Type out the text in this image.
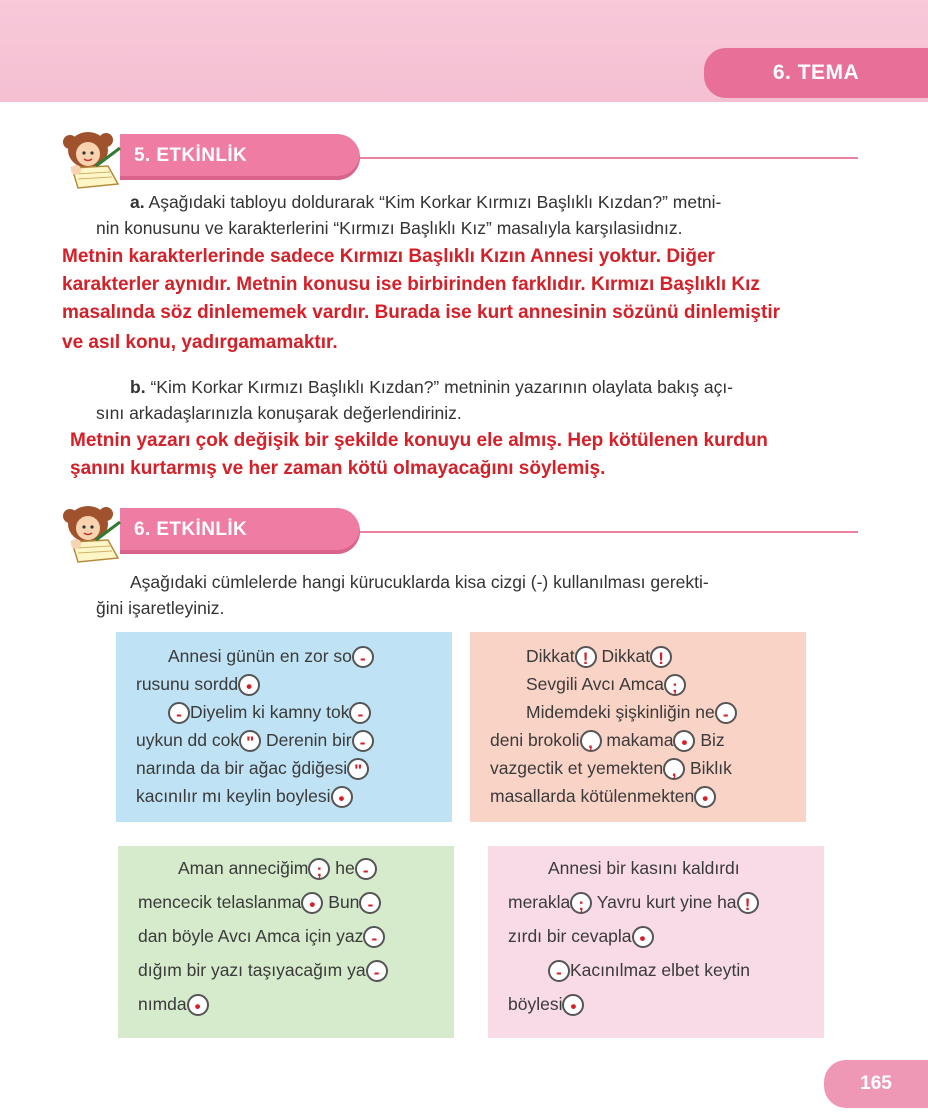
6. TEMA
5. ETKİNLİK
a. Aşağıdaki tabloyu doldurarak “Kim Korkar Kırmızı Başlıklı Kızdan?” metni-
nin konusunu ve karakterlerini “Kırmızı Başlıklı Kız” masalıyla karşılasiıdnız.
Metnin karakterlerinde sadece Kırmızı Başlıklı Kızın Annesi yoktur. Diğer
karakterler aynıdır. Metnin konusu ise birbirinden farklıdır. Kırmızı Başlıklı Kız
masalında söz dinlememek vardır. Burada ise kurt annesinin sözünü dinlemiştir
ve asıl konu, yadırgamamaktır.
b. “Kim Korkar Kırmızı Başlıklı Kızdan?” metninin yazarının olaylata bakış açı-
sını arkadaşlarınızla konuşarak değerlendiriniz.
Metnin yazarı çok değişik bir şekilde konuyu ele almış. Hep kötülenen kurdun
şanını kurtarmış ve her zaman kötü olmayacağını söylemiş.
6. ETKİNLİK
Aşağıdaki cümlelerde hangi kürucuklarda kisa cizgi (-) kullanılması gerekti-
ğini işaretleyiniz.
Annesi günün en zor so -
rusunu sordd •
- Diyelim ki kamny tok -
uykun dd cok " Derenin bir -
narında da bir ağac ğdiğesi "
kacınılır mı keylin boylesi •
Dikkat ! Dikkat !
Sevgili Avcı Amca ;
Midemdeki şişkinliğin ne -
deni brokoli , makama • Biz
vazgectik et yemekten , Biklık
masallarda kötülenmekten •
Aman anneciğim ; he -
mencecik telaslanma • Bun -
dan böyle Avcı Amca için yaz -
dığım bir yazı taşıyacağım ya -
nımda •
Annesi bir kasını kaldırdı
merakla ; Yavru kurt yine ha !
zırdı bir cevapla •
- Kacınılmaz elbet keytin
böylesi •
165
